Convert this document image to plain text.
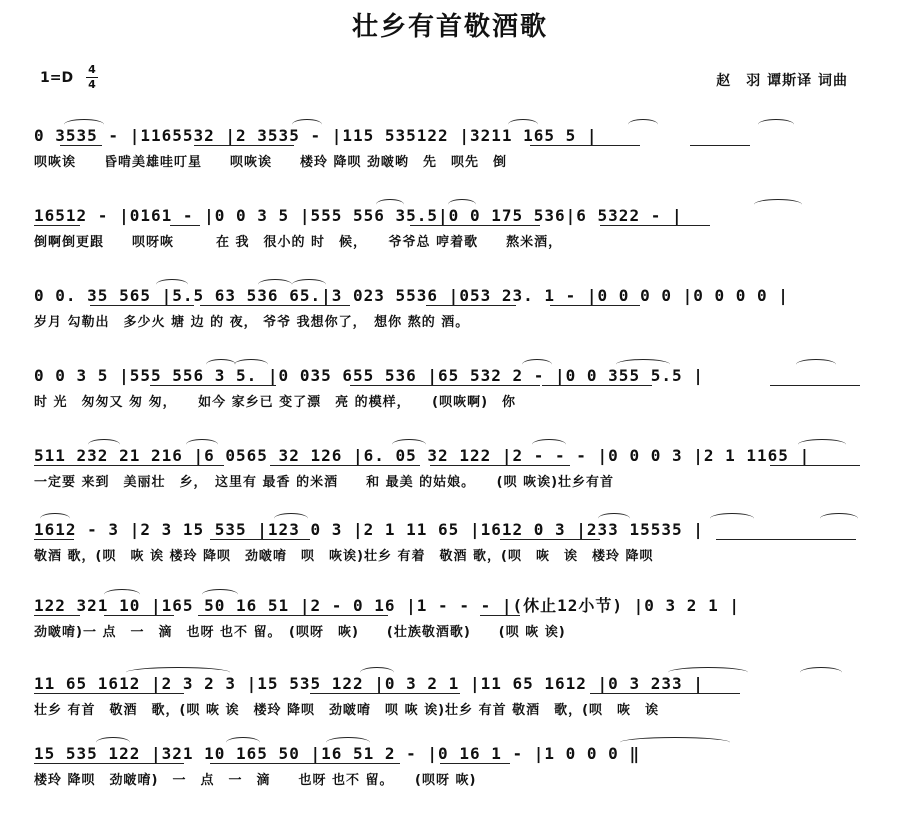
壮乡有首敬酒歌
1=D
4
4	赵　羽 谭斯译 词曲
0 3535 - |1165532 |2 3535 - |115 535122 |3211 165 5 |
呗咴诶　　昏啃美雄哇叮星　　呗咴诶　　楼玲 降呗 劲啵哟　先　呗先　倒
16512 - |0161 - |0 0 3 5 |555 556 35.5|0 0 175 536|6 5322 - |
倒啊倒更跟　　呗呀咴　　　在 我　很小的 时　候，　　爷爷总 哼着歌　　熬米酒，
0 0. 35 565 |5.5 63 536 65.|3 023 5536 |053 23. 1 - |0 0 0 0 |0 0 0 0 |
岁月 勾勒出　多少火 塘 边 的 夜， 爷爷 我想你了，　想你 熬的 酒。
0 0 3 5 |555 556 3 5. |0 035 655 536 |65 532 2 - |0 0 355 5.5 |
时 光　匆匆又 匆 匆，　　如今 家乡已 变了漂　亮 的模样，　　(呗咴啊)　你
511 232 21 216 |6 0565 32 126 |6. 05 32 122 |2 - - - |0 0 0 3 |2 1 1165 |
一定要 来到　美丽壮　乡，　这里有 最香 的米酒　　和 最美 的姑娘。　　(呗 咴诶)壮乡有首
1612 - 3 |2 3 15 535 |123 0 3 |2 1 11 65 |1612 0 3 |233 15535 |
敬酒 歌，(呗　咴 诶 楼玲 降呗　劲啵唷　呗　咴诶)壮乡 有着　敬酒 歌，(呗　咴　诶　楼玲 降呗
122 321 10 |165 50 16 51 |2 - 0 16 |1 - - - |(休止12小节) |0 3 2 1 |
劲啵唷)一 点　一　滴　也呀 也不 留。　(呗呀　咴)　　(壮族敬酒歌)　　(呗 咴 诶)
11 65 1612 |2 3 2 3 |15 535 122 |0 3 2 1 |11 65 1612 |0 3 233 |
壮乡 有首　敬酒　歌，(呗 咴 诶　楼玲 降呗　劲啵唷　呗 咴 诶)壮乡 有首 敬酒　歌，(呗　咴　诶
15 535 122 |321 10 165 50 |16 51 2 - |0 16 1 - |1 0 0 0 ‖
楼玲 降呗　劲啵唷)　一　点　一　滴　　也呀 也不 留。　　(呗呀 咴)
